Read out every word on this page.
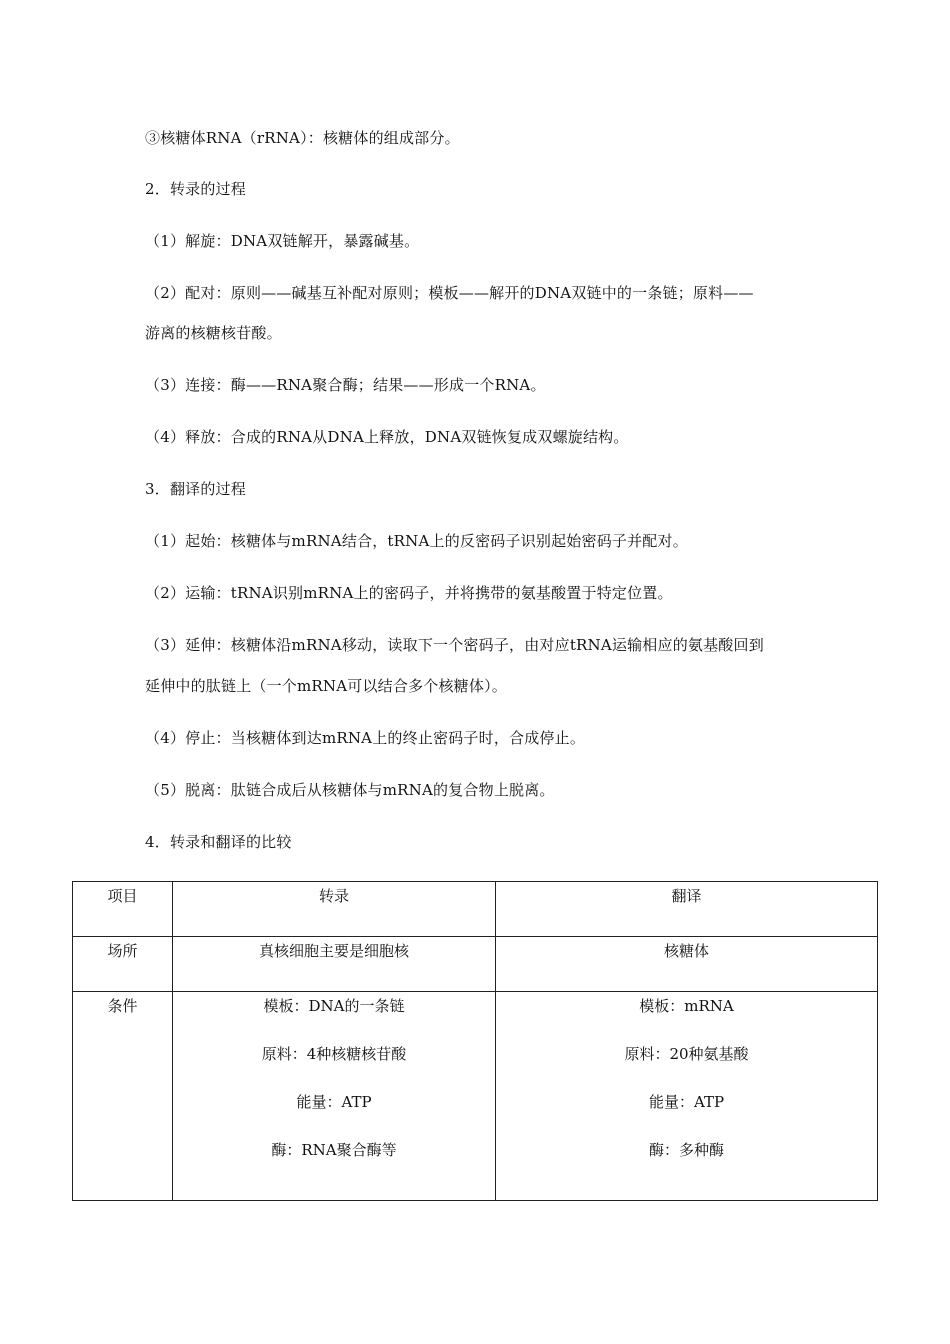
③核糖体RNA（rRNA）：核糖体的组成部分。
2．转录的过程
（1）解旋：DNA双链解开，暴露碱基。
（2）配对：原则——碱基互补配对原则；模板——解开的DNA双链中的一条链；原料——
游离的核糖核苷酸。
（3）连接：酶——RNA聚合酶；结果——形成一个RNA。
（4）释放：合成的RNA从DNA上释放，DNA双链恢复成双螺旋结构。
3．翻译的过程
（1）起始：核糖体与mRNA结合，tRNA上的反密码子识别起始密码子并配对。
（2）运输：tRNA识别mRNA上的密码子，并将携带的氨基酸置于特定位置。
（3）延伸：核糖体沿mRNA移动，读取下一个密码子，由对应tRNA运输相应的氨基酸回到
延伸中的肽链上（一个mRNA可以结合多个核糖体）。
（4）停止：当核糖体到达mRNA上的终止密码子时，合成停止。
（5）脱离：肽链合成后从核糖体与mRNA的复合物上脱离。
4．转录和翻译的比较
项目	转录	翻译

场所	真核细胞主要是细胞核	核糖体

条件	模板：DNA的一条链
原料：4种核糖核苷酸
能量：ATP
酶：RNA聚合酶等	模板：mRNA
原料：20种氨基酸
能量：ATP
酶：多种酶
